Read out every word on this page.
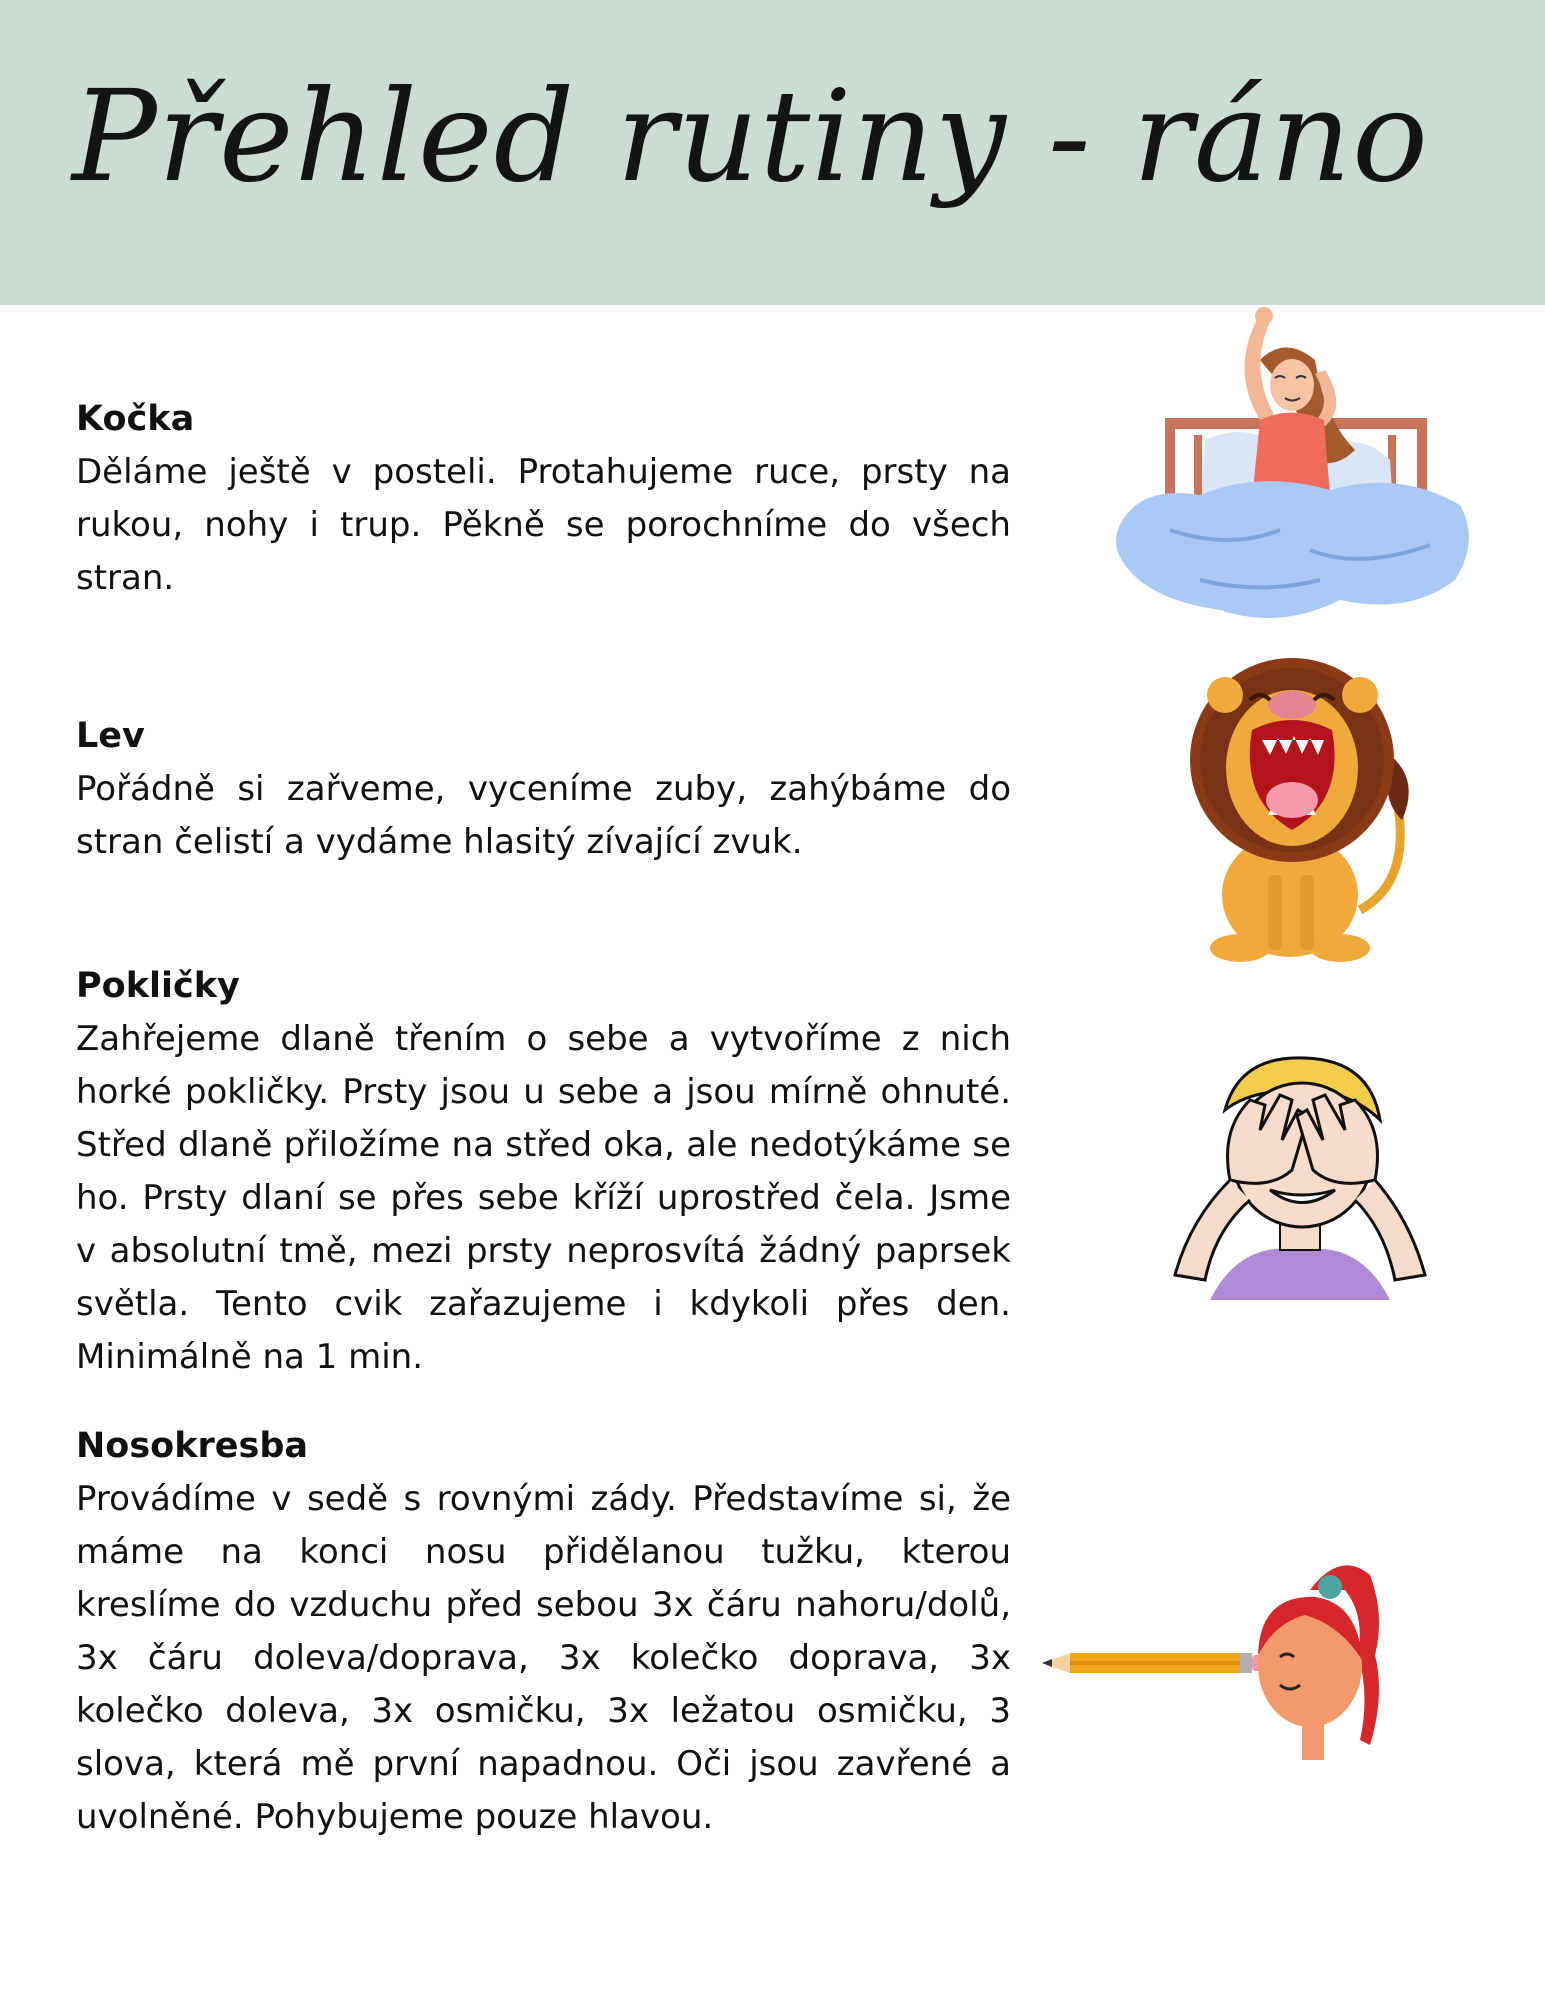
Přehled rutiny - ráno
Kočka

Děláme ještě v posteli. Protahujeme ruce, prsty na rukou, nohy i trup. Pěkně se porochníme do všech stran.

Lev

Pořádně si zařveme, vyceníme zuby, zahýbáme do stran čelistí a vydáme hlasitý zívající zvuk.

Pokličky

Zahřejeme dlaně třením o sebe a vytvoříme z nich horké pokličky. Prsty jsou u sebe a jsou mírně ohnuté. Střed dlaně přiložíme na střed oka, ale nedotýkáme se ho. Prsty dlaní se přes sebe kříží uprostřed čela. Jsme v absolutní tmě, mezi prsty neprosvítá žádný paprsek světla. Tento cvik zařazujeme i kdykoli přes den. Minimálně na 1 min.

Nosokresba

Provádíme v sedě s rovnými zády. Představíme si, že máme na konci nosu přidělanou tužku, kterou kreslíme do vzduchu před sebou 3x čáru nahoru/dolů, 3x čáru doleva/doprava, 3x kolečko doprava, 3x kolečko doleva, 3x osmičku, 3x ležatou osmičku, 3 slova, která mě první napadnou. Oči jsou zavřené a uvolněné. Pohybujeme pouze hlavou.
